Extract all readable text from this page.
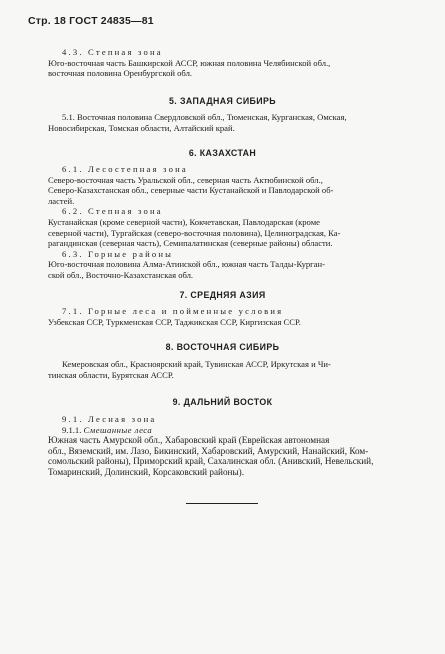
Стр. 18 ГОСТ 24835—81
4.3. Степная зона
Юго-восточная часть Башкирской АССР, южная половина Челябинской обл.,
восточная половина Оренбургской обл.
5. ЗАПАДНАЯ СИБИРЬ
5.1. Восточная половина Свердловской обл., Тюменская, Курганская, Омская,
Новосибирская, Томская области, Алтайский край.
6. КАЗАХСТАН
6.1. Лесостепная зона
Северо-восточная часть Уральской обл., северная часть Актюбинской обл.,
Северо-Казахстанская обл., северные части Кустанайской и Павлодарской об-
ластей.
6.2. Степная зона
Кустанайская (кроме северной части), Кокчетавская, Павлодарская (кроме
северной части), Тургайская (северо-восточная половина), Целиноградская, Ка-
рагандинская (северная часть), Семипалатинская (северные районы) области.
6.3. Горные районы
Юго-восточная половина Алма-Атинской обл., южная часть Талды-Курган-
ской обл., Восточно-Казахстанская обл.
7. СРЕДНЯЯ АЗИЯ
7.1. Горные леса и пойменные условия
Узбекская ССР, Туркменская ССР, Таджикская ССР, Киргизская ССР.
8. ВОСТОЧНАЯ СИБИРЬ
Кемеровская обл., Красноярский край, Тувинская АССР, Иркутская и Чи-
тинская области, Бурятская АССР.
9. ДАЛЬНИЙ ВОСТОК
9.1. Лесная зона
9.1.1. Смешанные леса
Южная часть Амурской обл., Хабаровский край (Еврейская автономная
обл., Вяземский, им. Лазо, Бикинский, Хабаровский, Амурский, Нанайский, Ком-
сомольский районы), Приморский край, Сахалинская обл. (Анивский, Невельский,
Томаринский, Долинский, Корсаковский районы).
